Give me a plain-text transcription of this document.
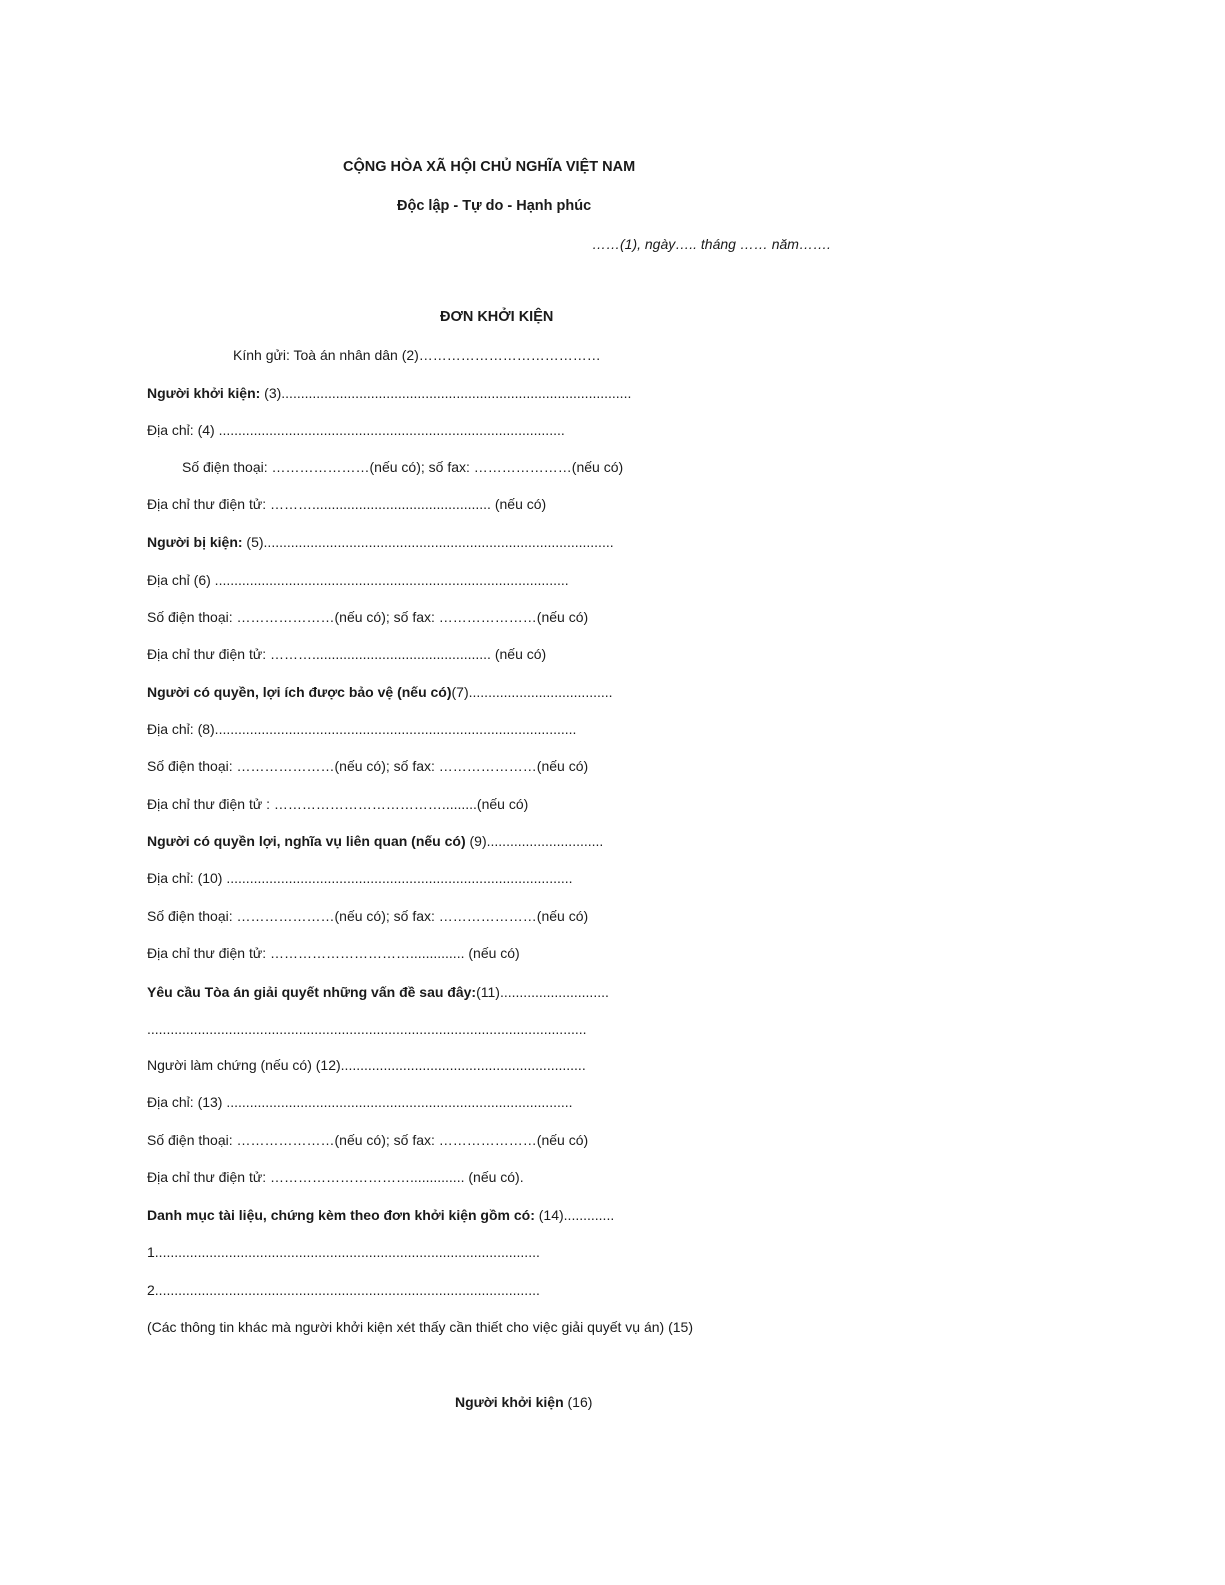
CỘNG HÒA XÃ HỘI CHỦ NGHĨA VIỆT NAM
Độc lập - Tự do - Hạnh phúc
……(1), ngày….. tháng …… năm…….
ĐƠN KHỞI KIỆN
Kính gửi: Toà án nhân dân (2)…………………………………
Người khởi kiện: (3)..........................................................................................
Địa chỉ: (4) .........................................................................................
Số điện thoại: …………………(nếu có); số fax: …………………(nếu có)
Địa chỉ thư điện tử: ……….............................................. (nếu có)
Người bị kiện: (5)..........................................................................................
Địa chỉ (6) ...........................................................................................
Số điện thoại: …………………(nếu có); số fax: …………………(nếu có)
Địa chỉ thư điện tử: ……….............................................. (nếu có)
Người có quyền, lợi ích được bảo vệ (nếu có)(7).....................................
Địa chỉ: (8).............................................................................................
Số điện thoại: …………………(nếu có); số fax: …………………(nếu có)
Địa chỉ thư điện tử : ……………………………….........(nếu có)
Người có quyền lợi, nghĩa vụ liên quan (nếu có) (9)..............................
Địa chỉ: (10) .........................................................................................
Số điện thoại: …………………(nếu có); số fax: …………………(nếu có)
Địa chỉ thư điện tử: ………………………….............. (nếu có)
Yêu cầu Tòa án giải quyết những vấn đề sau đây:(11)............................
.................................................................................................................
Người làm chứng (nếu có) (12)...............................................................
Địa chỉ: (13) .........................................................................................
Số điện thoại: …………………(nếu có); số fax: …………………(nếu có)
Địa chỉ thư điện tử: ………………………….............. (nếu có).
Danh mục tài liệu, chứng kèm theo đơn khởi kiện gồm có: (14).............
1...................................................................................................
2...................................................................................................
(Các thông tin khác mà người khởi kiện xét thấy cần thiết cho việc giải quyết vụ án) (15)
Người khởi kiện (16)
